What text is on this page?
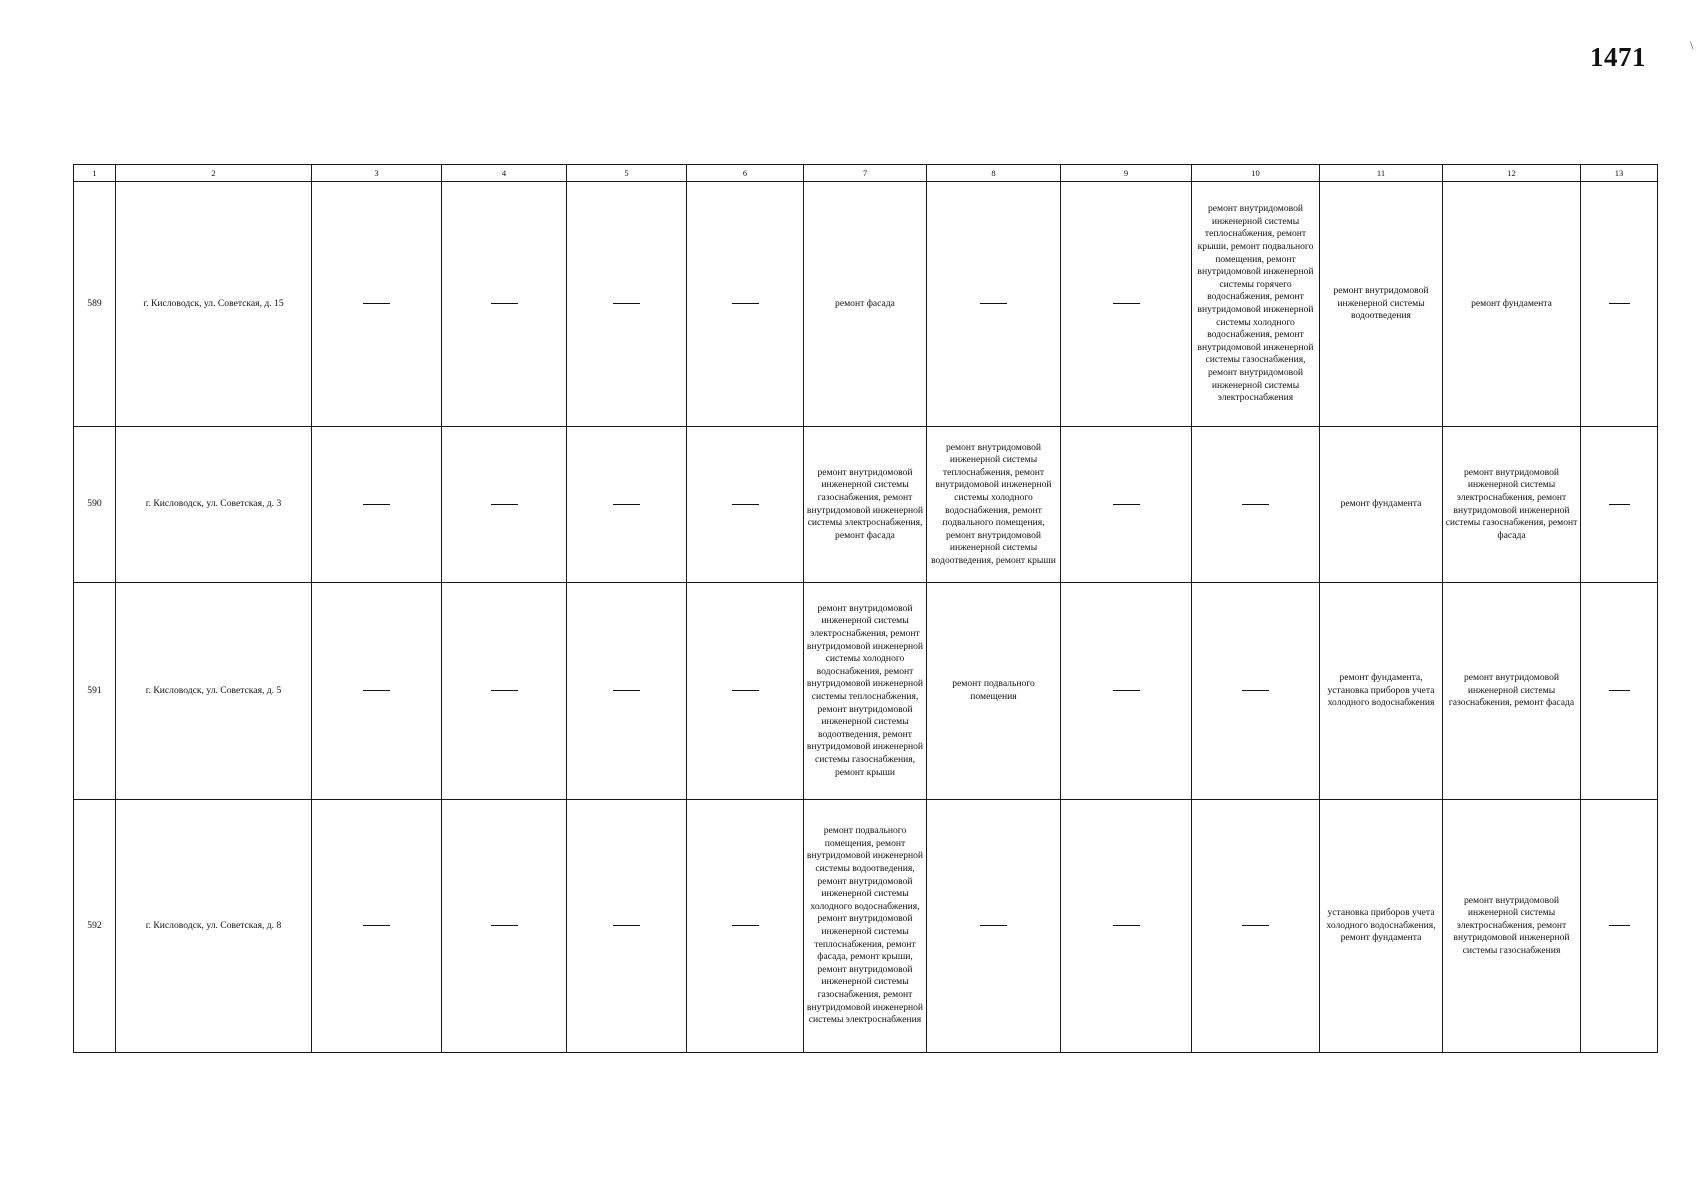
1471	\
1	2	3	4	5	6	7	8	9	10	11	12	13
589	г. Кисловодск, ул. Советская, д. 15					ремонт фасада			ремонт внутридомовой инженерной системы теплоснабжения, ремонт крыши, ремонт подвального помещения, ремонт внутридомовой инженерной системы горячего водоснабжения, ремонт внутридомовой инженерной системы холодного водоснабжения, ремонт внутридомовой инженерной системы газоснабжения, ремонт внутридомовой инженерной системы электроснабжения	ремонт внутридомовой инженерной системы водоотведения	ремонт фундамента	
590	г. Кисловодск, ул. Советская, д. 3					ремонт внутридомовой инженерной системы газоснабжения, ремонт внутридомовой инженерной системы электроснабжения, ремонт фасада	ремонт внутридомовой инженерной системы теплоснабжения, ремонт внутридомовой инженерной системы холодного водоснабжения, ремонт подвального помещения, ремонт внутридомовой инженерной системы водоотведения, ремонт крыши			ремонт фундамента	ремонт внутридомовой инженерной системы электроснабжения, ремонт внутридомовой инженерной системы газоснабжения, ремонт фасада	
591	г. Кисловодск, ул. Советская, д. 5					ремонт внутридомовой инженерной системы электроснабжения, ремонт внутридомовой инженерной системы холодного водоснабжения, ремонт внутридомовой инженерной системы теплоснабжения, ремонт внутридомовой инженерной системы водоотведения, ремонт внутридомовой инженерной системы газоснабжения, ремонт крыши	ремонт подвального помещения			ремонт фундамента, установка приборов учета холодного водоснабжения	ремонт внутридомовой инженерной системы газоснабжения, ремонт фасада	
592	г. Кисловодск, ул. Советская, д. 8					ремонт подвального помещения, ремонт внутридомовой инженерной системы водоотведения, ремонт внутридомовой инженерной системы холодного водоснабжения, ремонт внутридомовой инженерной системы теплоснабжения, ремонт фасада, ремонт крыши, ремонт внутридомовой инженерной системы газоснабжения, ремонт внутридомовой инженерной системы электроснабжения				установка приборов учета холодного водоснабжения, ремонт фундамента	ремонт внутридомовой инженерной системы электроснабжения, ремонт внутридомовой инженерной системы газоснабжения	
